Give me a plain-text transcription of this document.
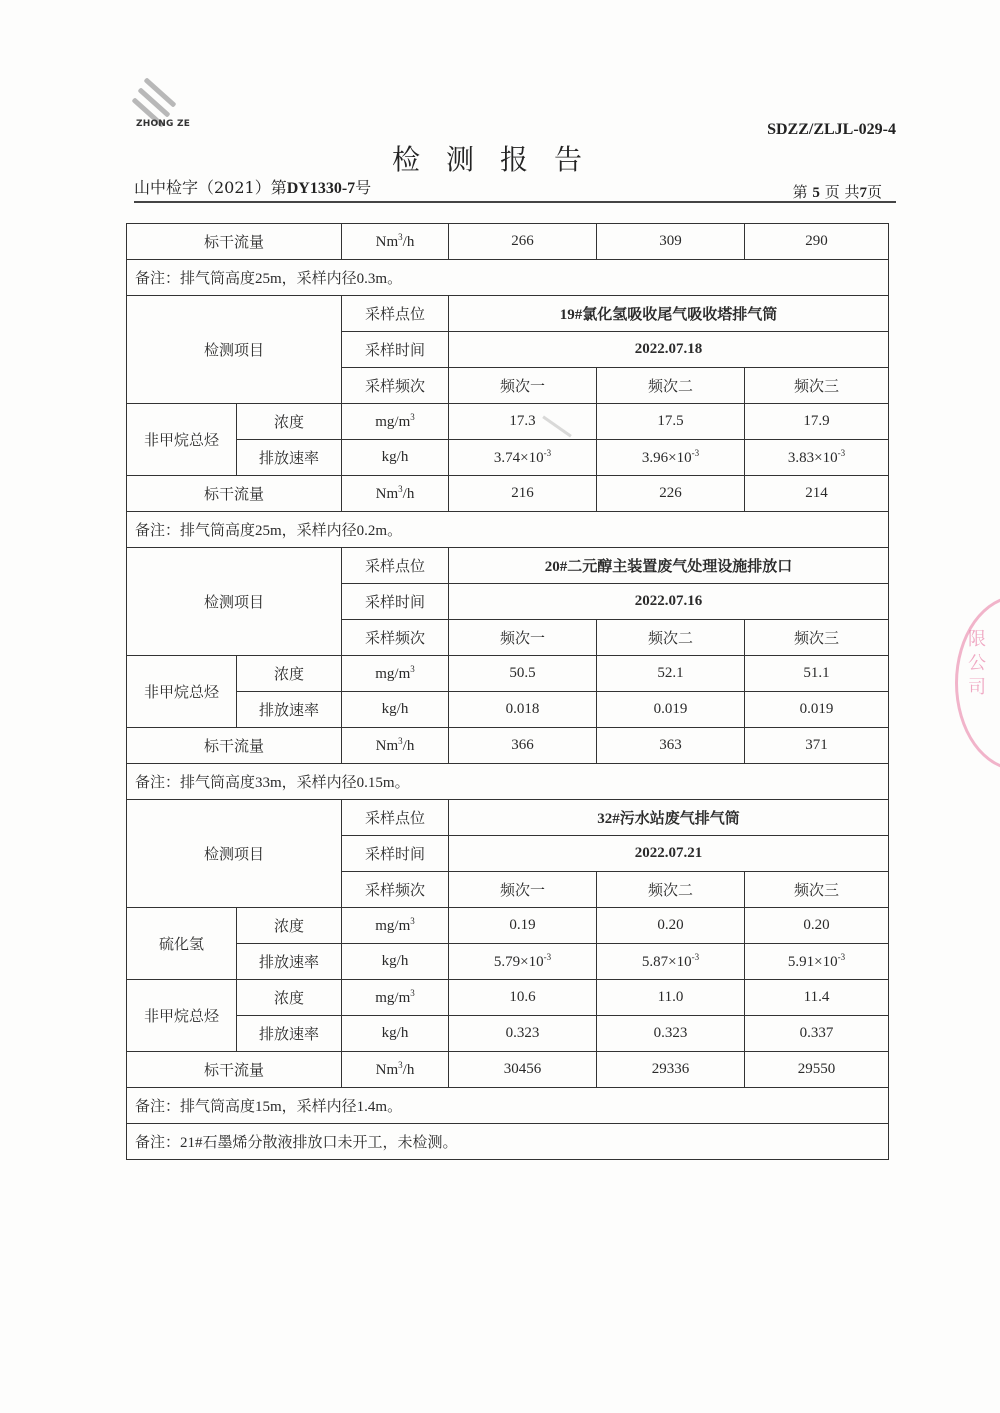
ZHONG ZE	SDZZ/ZLJL-029-4
检测报告
山中检字（2021）第DY1330-7号	第 5 页 共7页
标干流量		Nm$^3$/h	266	309	290
备注：排气筒高度25m，采样内径0.3m。					
检测项目		采样点位	19#氯化氢吸收尾气吸收塔排气筒		
		采样时间	2022.07.18		
		采样频次	频次一	频次二	频次三
非甲烷总烃	浓度	$mg/m^3$	17.3	17.5	17.9
	排放速率	kg/h	$3.74\times 10^{-3}$	$3.96\times 10^{-3}$	$3.83\times 10^{-3}$
标干流量		Nm$^3$/h	216	226	214
备注：排气筒高度25m，采样内径0.2m。					
检测项目		采样点位	20#二元醇主装置废气处理设施排放口		
		采样时间	2022.07.16		
		采样频次	频次一	频次二	频次三
非甲烷总烃	浓度	$mg/m^3$	50.5	52.1	51.1
	排放速率	kg/h	0.018	0.019	0.019
标干流量		Nm$^3$/h	366	363	371
备注：排气筒高度33m，采样内径0.15m。					
检测项目		采样点位	32#污水站废气排气筒		
		采样时间	2022.07.21		
		采样频次	频次一	频次二	频次三
硫化氢	浓度	$mg/m^3$	0.19	0.20	0.20
	排放速率	kg/h	$5.79\times 10^{-3}$	$5.87\times 10^{-3}$	$5.91\times 10^{-3}$
非甲烷总烃	浓度	$mg/m^3$	10.6	11.0	11.4
	排放速率	kg/h	0.323	0.323	0.337
标干流量		Nm$^3$/h	30456	29336	29550
备注：排气筒高度15m，采样内径1.4m。					
备注：21#石墨烯分散液排放口未开工，未检测。					
限公司
